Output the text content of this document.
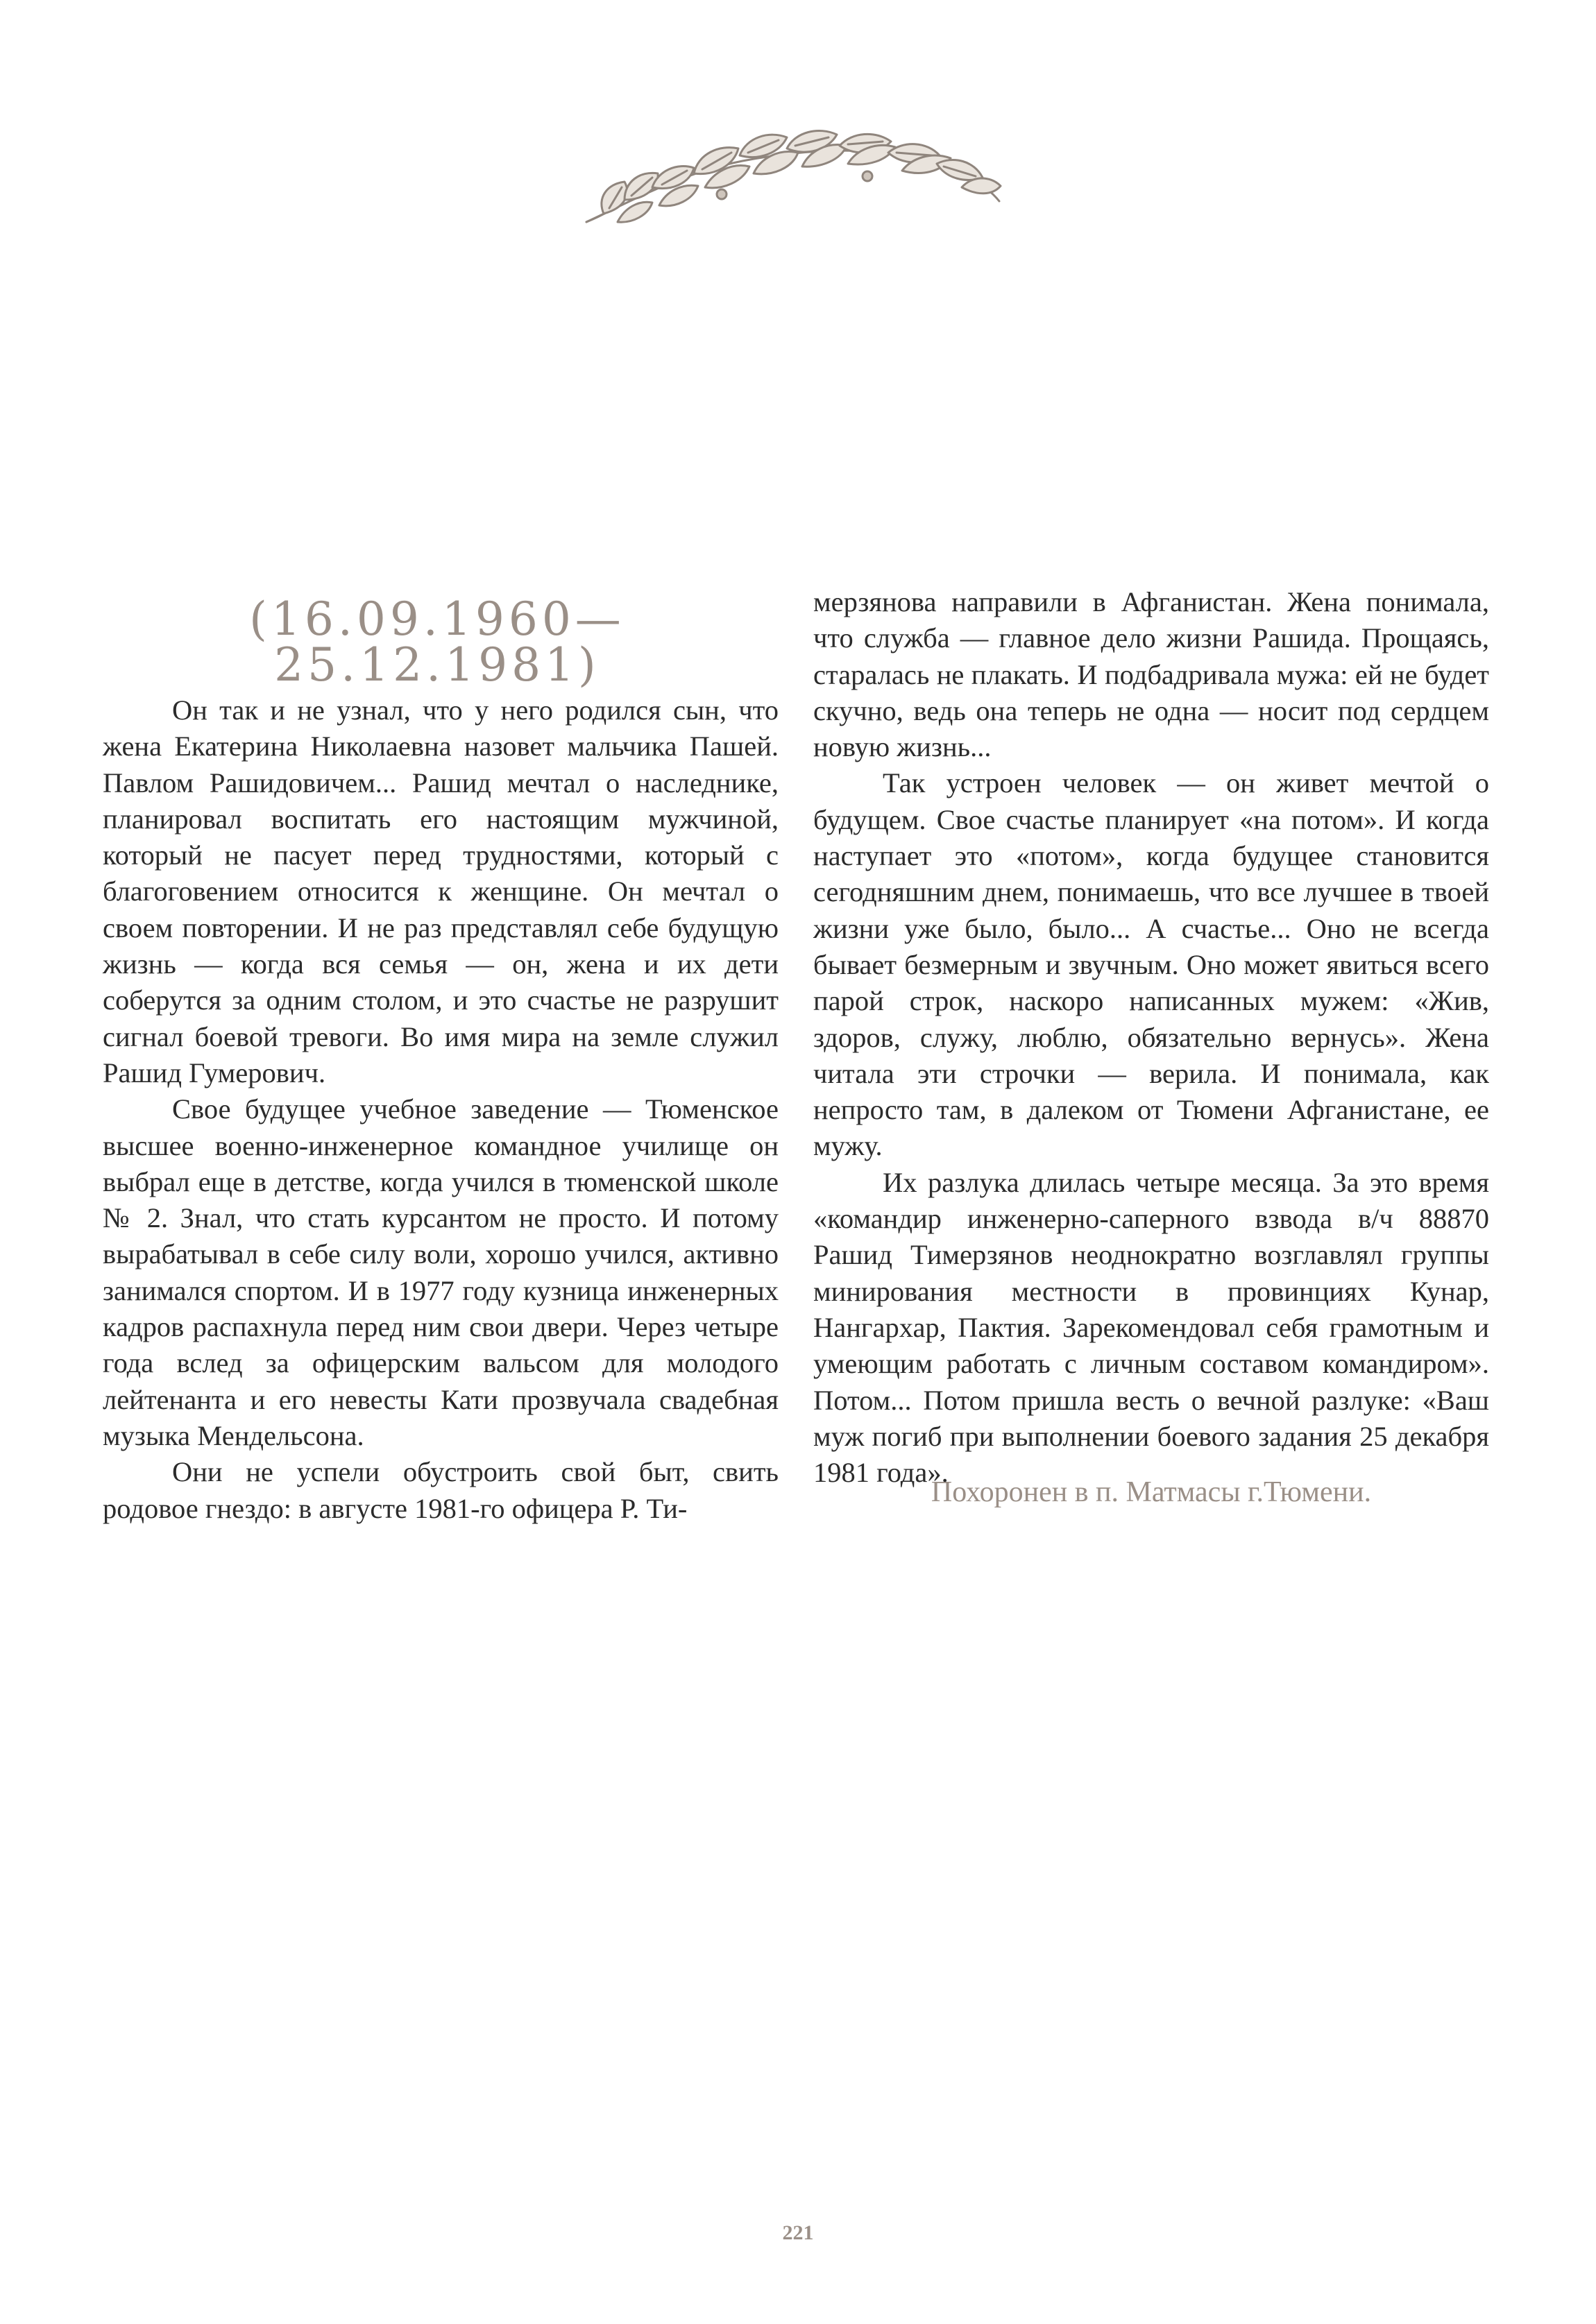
(16.09.1960—25.12.1981)

Он так и не узнал, что у него родился сын, что жена Екатерина Николаевна назовет мальчика Пашей. Павлом Рашидовичем... Рашид мечтал о наследнике, планировал воспитать его настоящим мужчиной, который не пасует перед трудностями, который с благоговением относится к женщине. Он мечтал о своем повторении. И не раз представлял себе будущую жизнь — когда вся семья — он, жена и их дети соберутся за одним столом, и это счастье не разрушит сигнал боевой тревоги. Во имя мира на земле служил Рашид Гумерович.

Свое будущее учебное заведение — Тюменское высшее военно-инженерное командное училище он выбрал еще в детстве, когда учился в тюменской школе № 2. Знал, что стать курсантом не просто. И потому вырабатывал в себе силу воли, хорошо учился, активно занимался спортом. И в 1977 году кузница инженерных кадров распахнула перед ним свои двери. Через четыре года вслед за офицерским вальсом для молодого лейтенанта и его невесты Кати прозвучала свадебная музыка Мендельсона.

Они не успели обустроить свой быт, свить родовое гнездо: в августе 1981-го офицера Р. Ти-

мерзянова направили в Афганистан. Жена понимала, что служба — главное дело жизни Рашида. Прощаясь, старалась не плакать. И подбадривала мужа: ей не будет скучно, ведь она теперь не одна — носит под сердцем новую жизнь...

Так устроен человек — он живет мечтой о будущем. Свое счастье планирует «на потом». И когда наступает это «потом», когда будущее становится сегодняшним днем, понимаешь, что все лучшее в твоей жизни уже было, было... А счастье... Оно не всегда бывает безмерным и звучным. Оно может явиться всего парой строк, наскоро написанных мужем: «Жив, здоров, служу, люблю, обязательно вернусь». Жена читала эти строчки — верила. И понимала, как непросто там, в далеком от Тюмени Афганистане, ее мужу.

Их разлука длилась четыре месяца. За это время «командир инженерно-саперного взвода в/ч 88870 Рашид Тимерзянов неоднократно возглавлял группы минирования местности в провинциях Кунар, Нангархар, Пактия. Зарекомендовал себя грамотным и умеющим работать с личным составом командиром». Потом... Потом пришла весть о вечной разлуке: «Ваш муж погиб при выполнении боевого задания 25 декабря 1981 года».

Похоронен в п. Матмасы г.Тюмени.

221
